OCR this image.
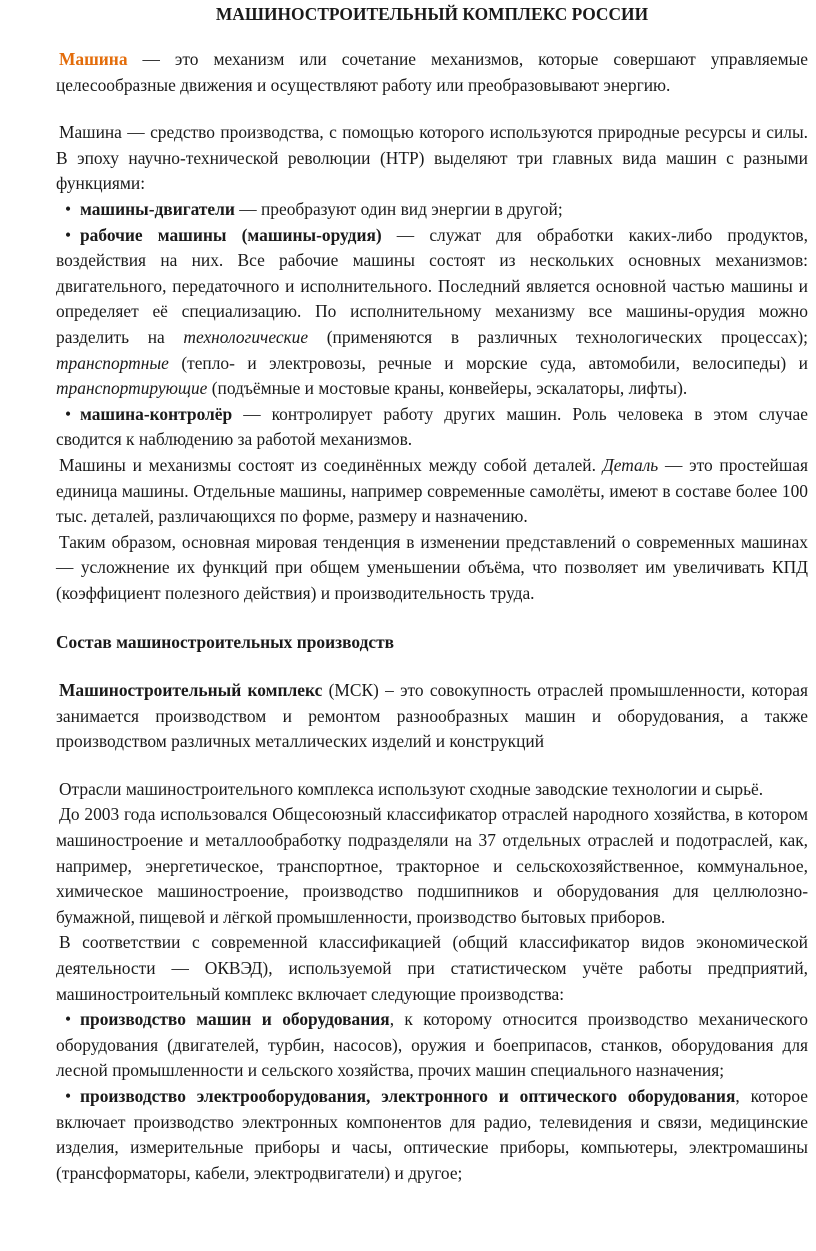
МАШИНОСТРОИТЕЛЬНЫЙ КОМПЛЕКС РОССИИ

Машина — это механизм или сочетание механизмов, которые совершают управляемые целесообразные движения и осуществляют работу или преобразовывают энергию.

Машина — средство производства, с помощью которого используются природные ресурсы и силы. В эпоху научно-технической революции (НТР) выделяют три главных вида машин с разными функциями:

• машины-двигатели — преобразуют один вид энергии в другой;

• рабочие машины (машины-орудия) — служат для обработки каких-либо продуктов, воздействия на них. Все рабочие машины состоят из нескольких основных механизмов: двигательного, передаточного и исполнительного. Последний является основной частью машины и определяет её специализацию. По исполнительному механизму все машины-орудия можно разделить на технологические (применяются в различных технологических процессах); транспортные (тепло- и электровозы, речные и морские суда, автомобили, велосипеды) и транспортирующие (подъёмные и мостовые краны, конвейеры, эскалаторы, лифты).

• машина-контролёр — контролирует работу других машин. Роль человека в этом случае сводится к наблюдению за работой механизмов.

Машины и механизмы состоят из соединённых между собой деталей. Деталь — это простейшая единица машины. Отдельные машины, например современные самолёты, имеют в составе более 100 тыс. деталей, различающихся по форме, размеру и назначению.

Таким образом, основная мировая тенденция в изменении представлений о современных машинах — усложнение их функций при общем уменьшении объёма, что позволяет им увеличивать КПД (коэффициент полезного действия) и производительность труда.

Состав машиностроительных производств

Машиностроительный комплекс (МСК) – это совокупность отраслей промышленности, которая занимается производством и ремонтом разнообразных машин и оборудования, а также производством различных металлических изделий и конструкций

Отрасли машиностроительного комплекса используют сходные заводские технологии и сырьё.

До 2003 года использовался Общесоюзный классификатор отраслей народного хозяйства, в котором машиностроение и металлообработку подразделяли на 37 отдельных отраслей и подотраслей, как, например, энергетическое, транспортное, тракторное и сельскохозяйственное, коммунальное, химическое машиностроение, производство подшипников и оборудования для целлюлозно-бумажной, пищевой и лёгкой промышленности, производство бытовых приборов.

В соответствии с современной классификацией (общий классификатор видов экономической деятельности — ОКВЭД), используемой при статистическом учёте работы предприятий, машиностроительный комплекс включает следующие производства:

• производство машин и оборудования, к которому относится производство механического оборудования (двигателей, турбин, насосов), оружия и боеприпасов, станков, оборудования для лесной промышленности и сельского хозяйства, прочих машин специального назначения;

• производство электрооборудования, электронного и оптического оборудования, которое включает производство электронных компонентов для радио, телевидения и связи, медицинские изделия, измерительные приборы и часы, оптические приборы, компьютеры, электромашины (трансформаторы, кабели, электродвигатели) и другое;
